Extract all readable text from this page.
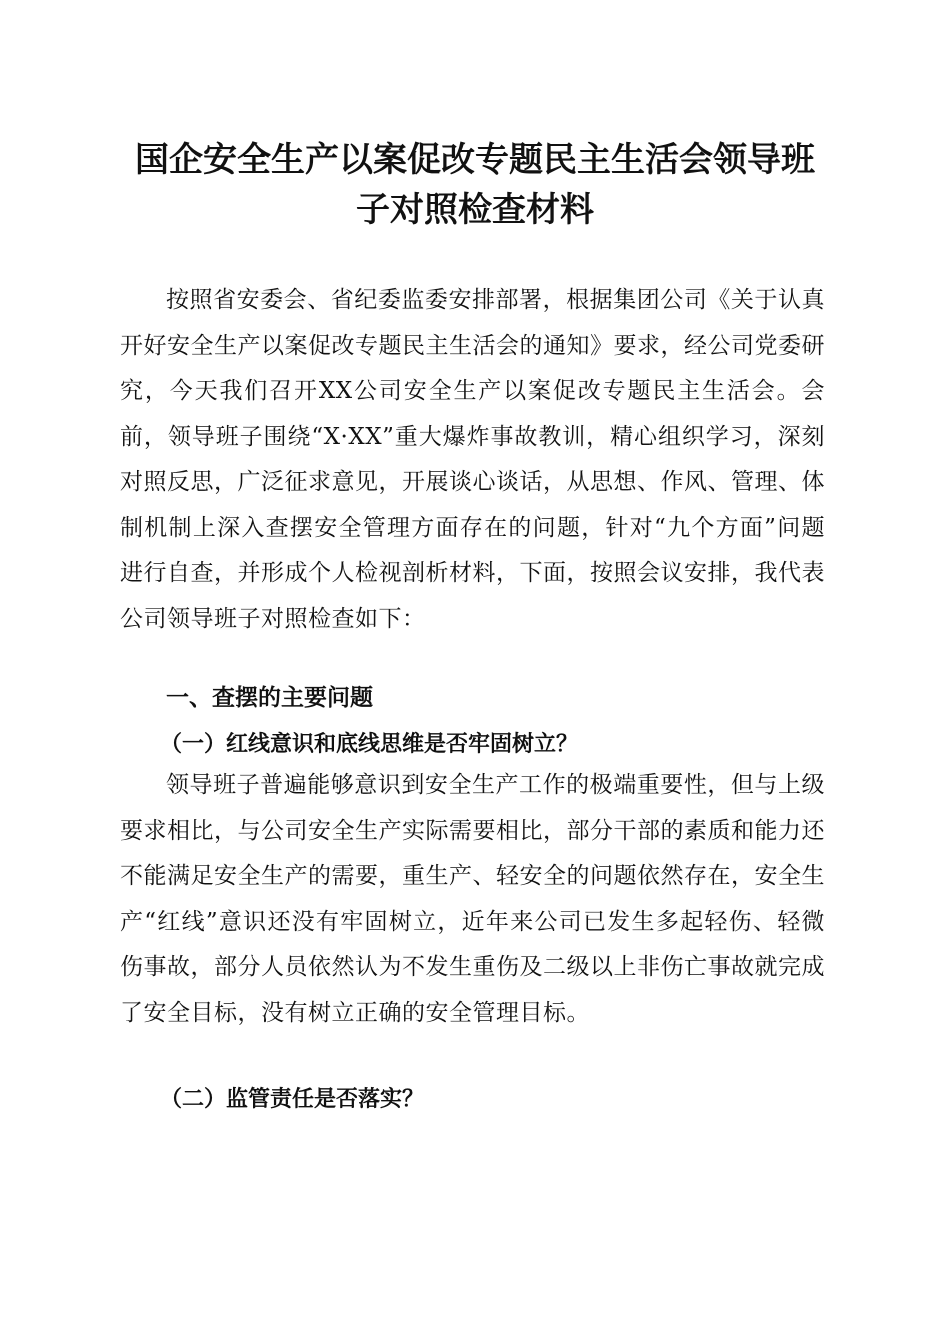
国企安全生产以案促改专题民主生活会领导班
子对照检查材料

按照省安委会、省纪委监委安排部署，根据集团公司《关于认真开好安全生产以案促改专题民主生活会的通知》要求，经公司党委研究，今天我们召开XX公司安全生产以案促改专题民主生活会。会前，领导班子围绕“X·XX”重大爆炸事故教训，精心组织学习，深刻对照反思，广泛征求意见，开展谈心谈话，从思想、作风、管理、体制机制上深入查摆安全管理方面存在的问题，针对“九个方面”问题进行自查，并形成个人检视剖析材料，下面，按照会议安排，我代表公司领导班子对照检查如下：

一、查摆的主要问题
（一）红线意识和底线思维是否牢固树立？

领导班子普遍能够意识到安全生产工作的极端重要性，但与上级要求相比，与公司安全生产实际需要相比，部分干部的素质和能力还不能满足安全生产的需要，重生产、轻安全的问题依然存在，安全生产“红线”意识还没有牢固树立，近年来公司已发生多起轻伤、轻微伤事故，部分人员依然认为不发生重伤及二级以上非伤亡事故就完成了安全目标，没有树立正确的安全管理目标。

（二）监管责任是否落实？
